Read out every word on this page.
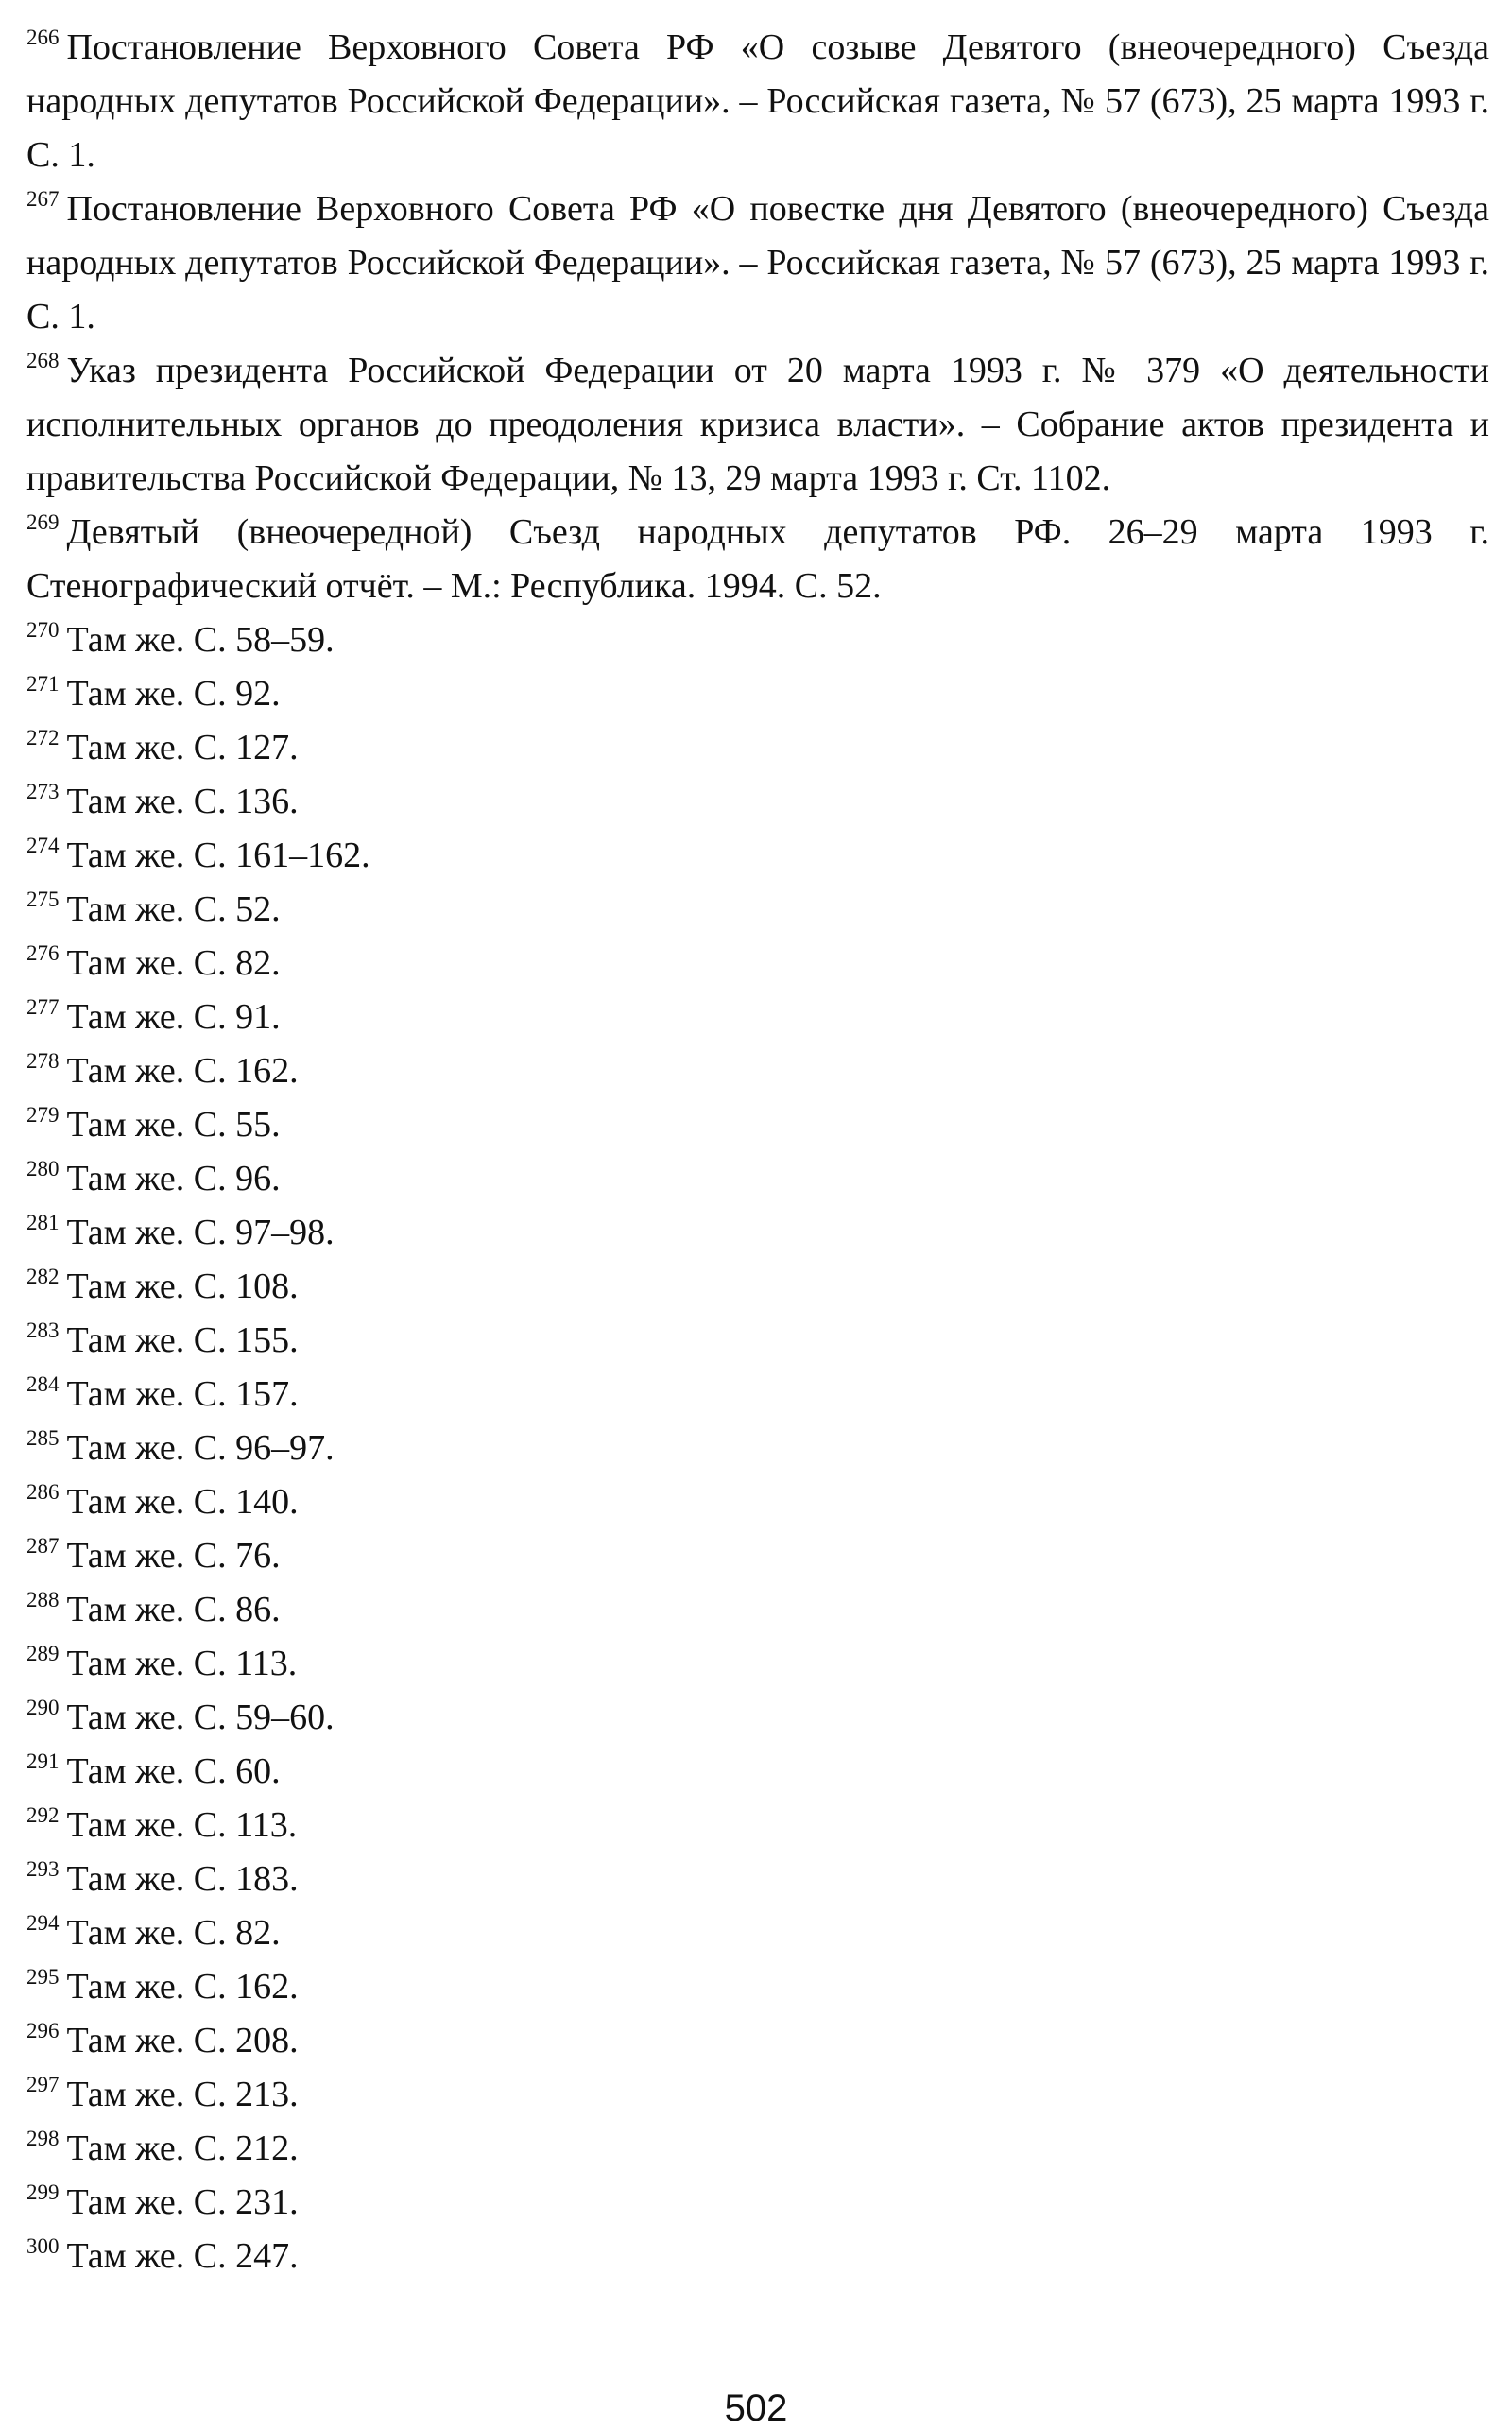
$^{266}$ Постановление Верховного Совета РФ «О созыве Девятого (внеочередного) Съезда народных депутатов Российской Федерации». – Российская газета, № 57 (673), 25 марта 1993 г. С. 1.
$^{267}$ Постановление Верховного Совета РФ «О повестке дня Девятого (внеочередного) Съезда народных депутатов Российской Федерации». – Российская газета, № 57 (673), 25 марта 1993 г. С. 1.
$^{268}$ Указ президента Российской Федерации от 20 марта 1993 г. № 379 «О деятельности исполнительных органов до преодоления кризиса власти». – Собрание актов президента и правительства Российской Федерации, № 13, 29 марта 1993 г. Ст. 1102.
$^{269}$ Девятый (внеочередной) Съезд народных депутатов РФ. 26–29 марта 1993 г. Стенографический отчёт. – М.: Республика. 1994. С. 52.
$^{270}$ Там же. С. 58–59.
$^{271}$ Там же. С. 92.
$^{272}$ Там же. С. 127.
$^{273}$ Там же. С. 136.
$^{274}$ Там же. С. 161–162.
$^{275}$ Там же. С. 52.
$^{276}$ Там же. С. 82.
$^{277}$ Там же. С. 91.
$^{278}$ Там же. С. 162.
$^{279}$ Там же. С. 55.
$^{280}$ Там же. С. 96.
$^{281}$ Там же. С. 97–98.
$^{282}$ Там же. С. 108.
$^{283}$ Там же. С. 155.
$^{284}$ Там же. С. 157.
$^{285}$ Там же. С. 96–97.
$^{286}$ Там же. С. 140.
$^{287}$ Там же. С. 76.
$^{288}$ Там же. С. 86.
$^{289}$ Там же. С. 113.
$^{290}$ Там же. С. 59–60.
$^{291}$ Там же. С. 60.
$^{292}$ Там же. С. 113.
$^{293}$ Там же. С. 183.
$^{294}$ Там же. С. 82.
$^{295}$ Там же. С. 162.
$^{296}$ Там же. С. 208.
$^{297}$ Там же. С. 213.
$^{298}$ Там же. С. 212.
$^{299}$ Там же. С. 231.
$^{300}$ Там же. С. 247.
502
